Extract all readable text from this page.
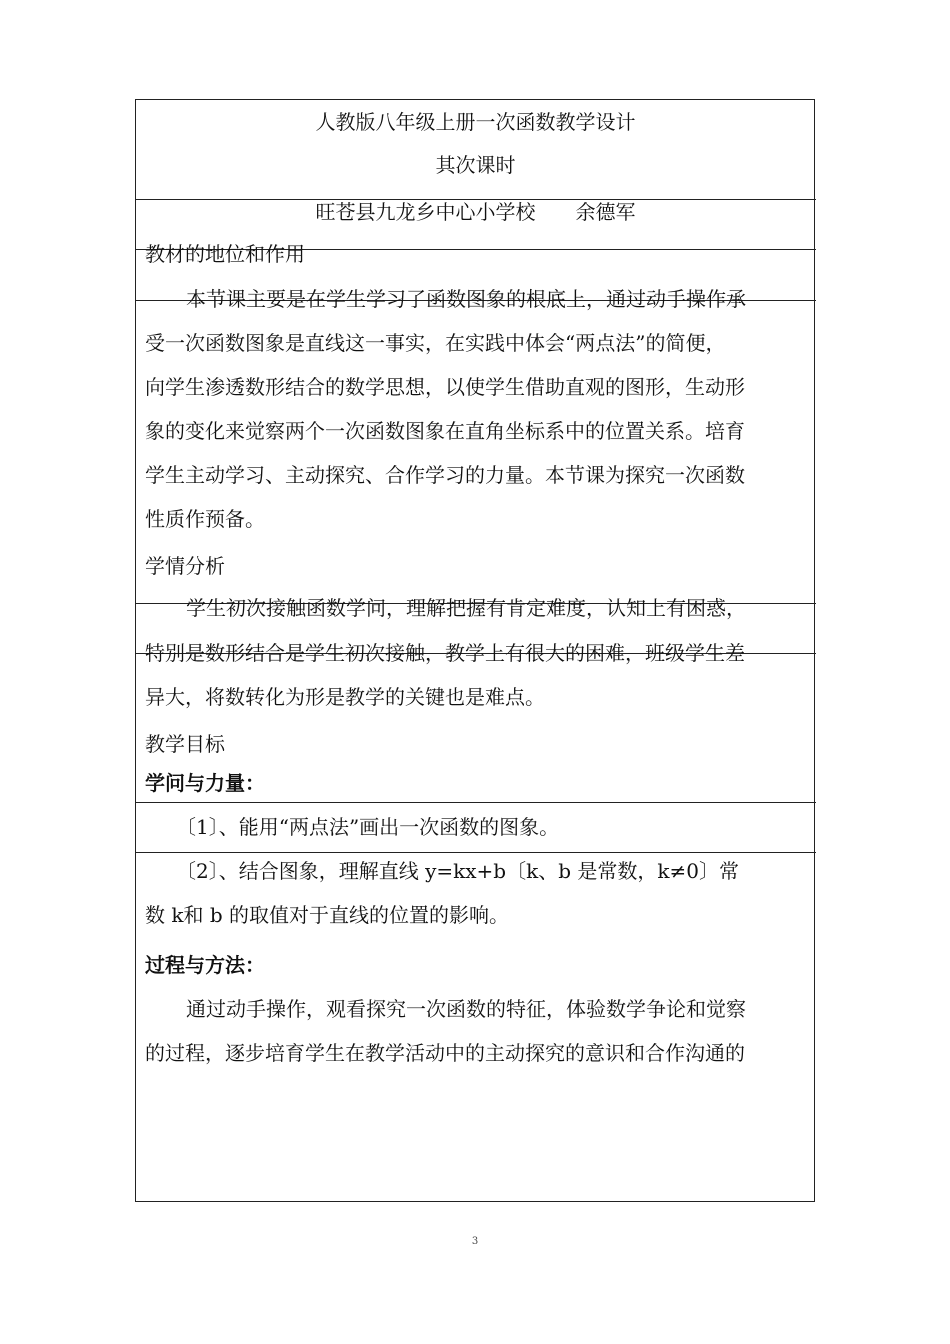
人教版八年级上册一次函数教学设计
其次课时
旺苍县九龙乡中心小学校　　余德军
教材的地位和作用
本节课主要是在学生学习了函数图象的根底上，通过动手操作承
受一次函数图象是直线这一事实，在实践中体会“两点法”的简便，
向学生渗透数形结合的数学思想，以使学生借助直观的图形，生动形
象的变化来觉察两个一次函数图象在直角坐标系中的位置关系。培育
学生主动学习、主动探究、合作学习的力量。本节课为探究一次函数
性质作预备。
学情分析
学生初次接触函数学问，理解把握有肯定难度，认知上有困惑，
特别是数形结合是学生初次接触，教学上有很大的困难，班级学生差
异大，将数转化为形是教学的关键也是难点。
教学目标
学问与力量：
〔1〕、能用“两点法”画出一次函数的图象。
〔2〕、结合图象，理解直线 y=kx+b〔k、b 是常数，k≠0〕常
数 k和 b 的取值对于直线的位置的影响。
过程与方法：
通过动手操作，观看探究一次函数的特征，体验数学争论和觉察
的过程，逐步培育学生在教学活动中的主动探究的意识和合作沟通的
3
